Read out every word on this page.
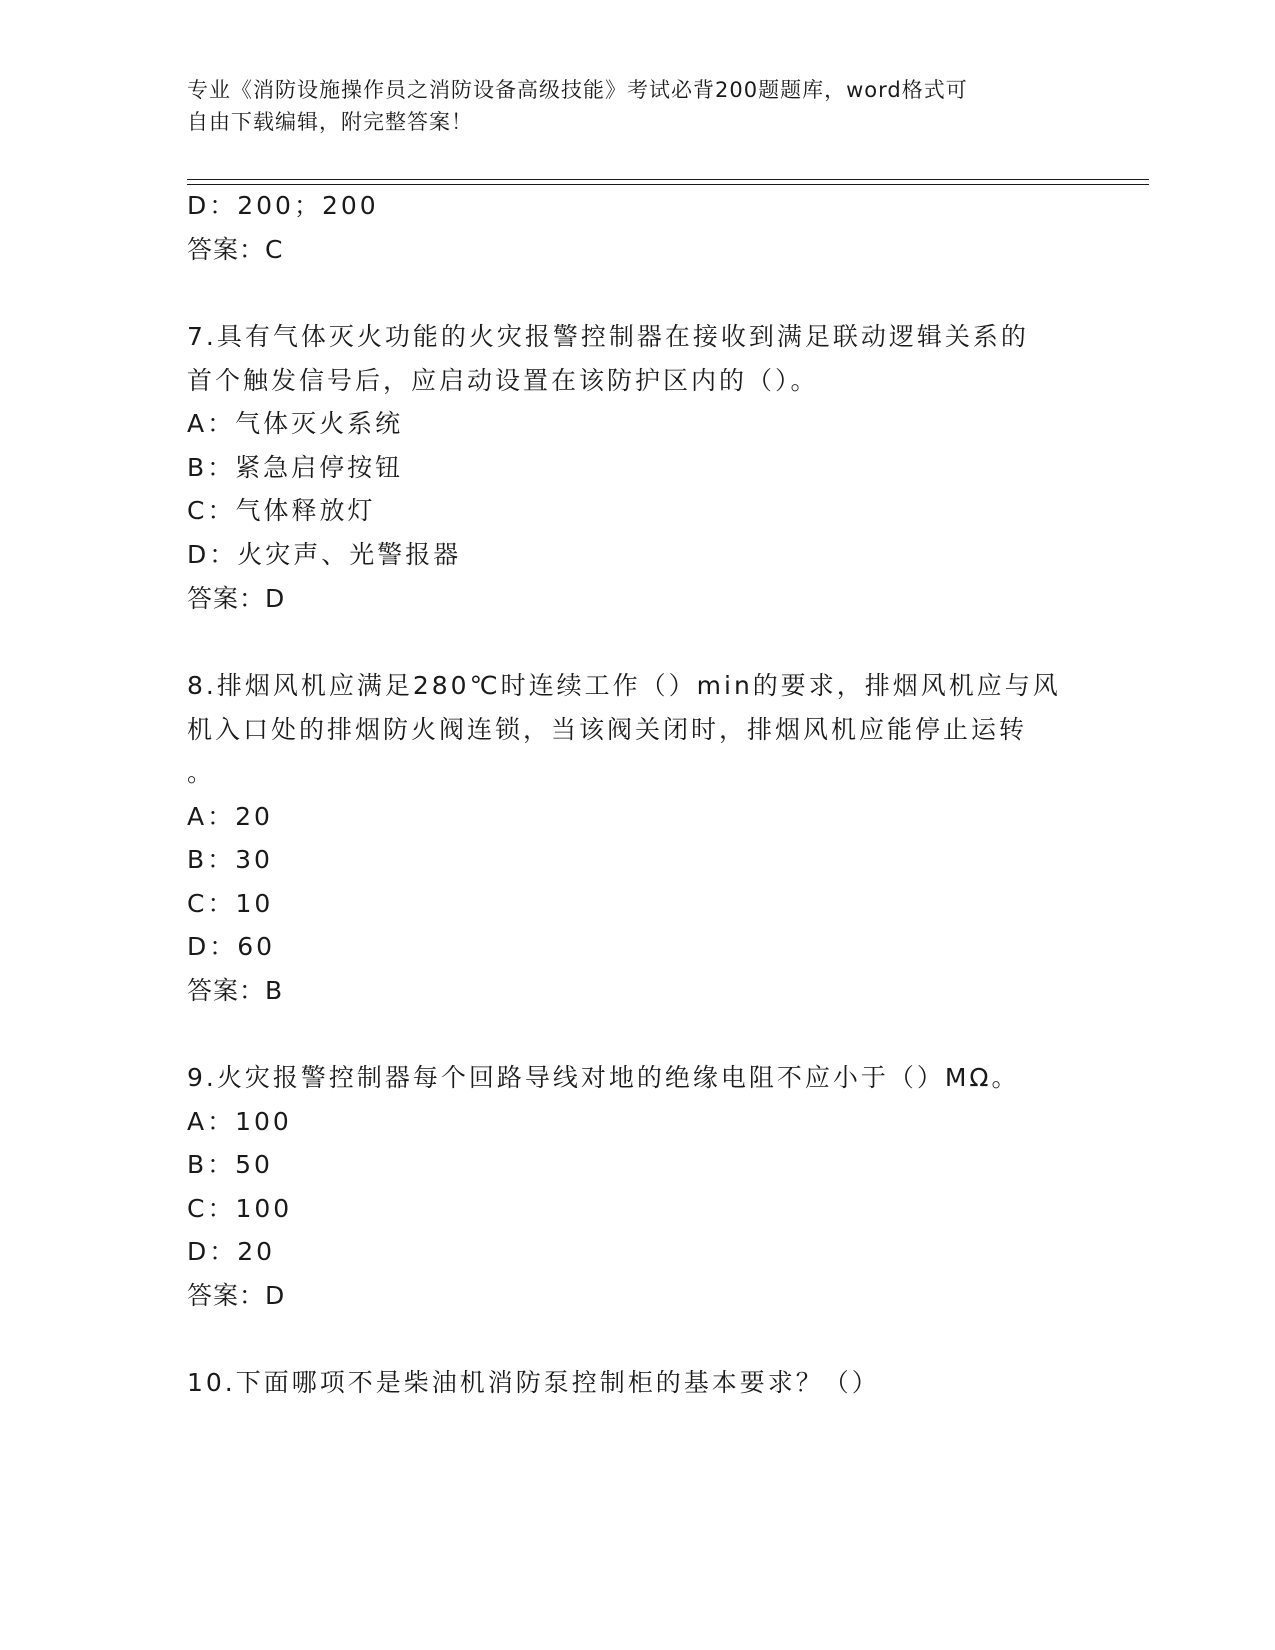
专业《消防设施操作员之消防设备高级技能》考试必背200题题库，word格式可
自由下载编辑，附完整答案！
D：200；200
答案：C
7.具有气体灭火功能的火灾报警控制器在接收到满足联动逻辑关系的
首个触发信号后，应启动设置在该防护区内的（）。
A：气体灭火系统
B：紧急启停按钮
C：气体释放灯
D：火灾声、光警报器
答案：D
8.排烟风机应满足280℃时连续工作（）min的要求，排烟风机应与风
机入口处的排烟防火阀连锁，当该阀关闭时，排烟风机应能停止运转
。
A：20
B：30
C：10
D：60
答案：B
9.火灾报警控制器每个回路导线对地的绝缘电阻不应小于（）MΩ。
A：100
B：50
C：100
D：20
答案：D
10.下面哪项不是柴油机消防泵控制柜的基本要求？（）
